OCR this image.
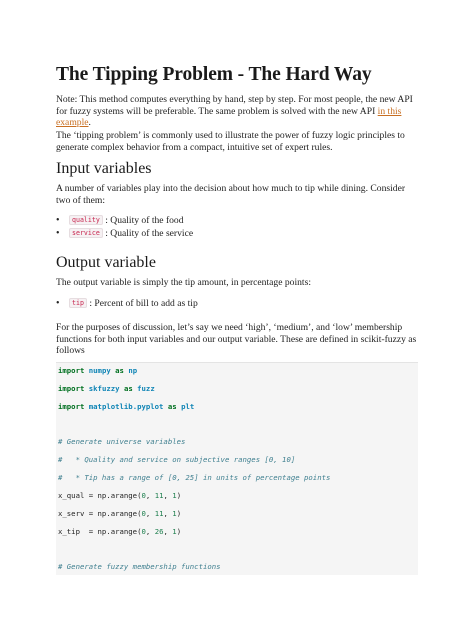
The Tipping Problem - The Hard Way

Note: This method computes everything by hand, step by step. For most people, the new API for fuzzy systems will be preferable. The same problem is solved with the new API in this example.

The ‘tipping problem’ is commonly used to illustrate the power of fuzzy logic principles to generate complex behavior from a compact, intuitive set of expert rules.

Input variables

A number of variables play into the decision about how much to tip while dining. Consider two of them:

• quality : Quality of the food
• service : Quality of the service
Output variable

The output variable is simply the tip amount, in percentage points:

• tip : Percent of bill to add as tip

For the purposes of discussion, let’s say we need ‘high’, ‘medium’, and ‘low’ membership functions for both input variables and our output variable. These are defined in scikit-fuzzy as follows

import numpy as np
import skfuzzy as fuzz
import matplotlib.pyplot as plt
# Generate universe variables
#   * Quality and service on subjective ranges [0, 10]
#   * Tip has a range of [0, 25] in units of percentage points
x_qual = np.arange(0, 11, 1)
x_serv = np.arange(0, 11, 1)
x_tip  = np.arange(0, 26, 1)
# Generate fuzzy membership functions
